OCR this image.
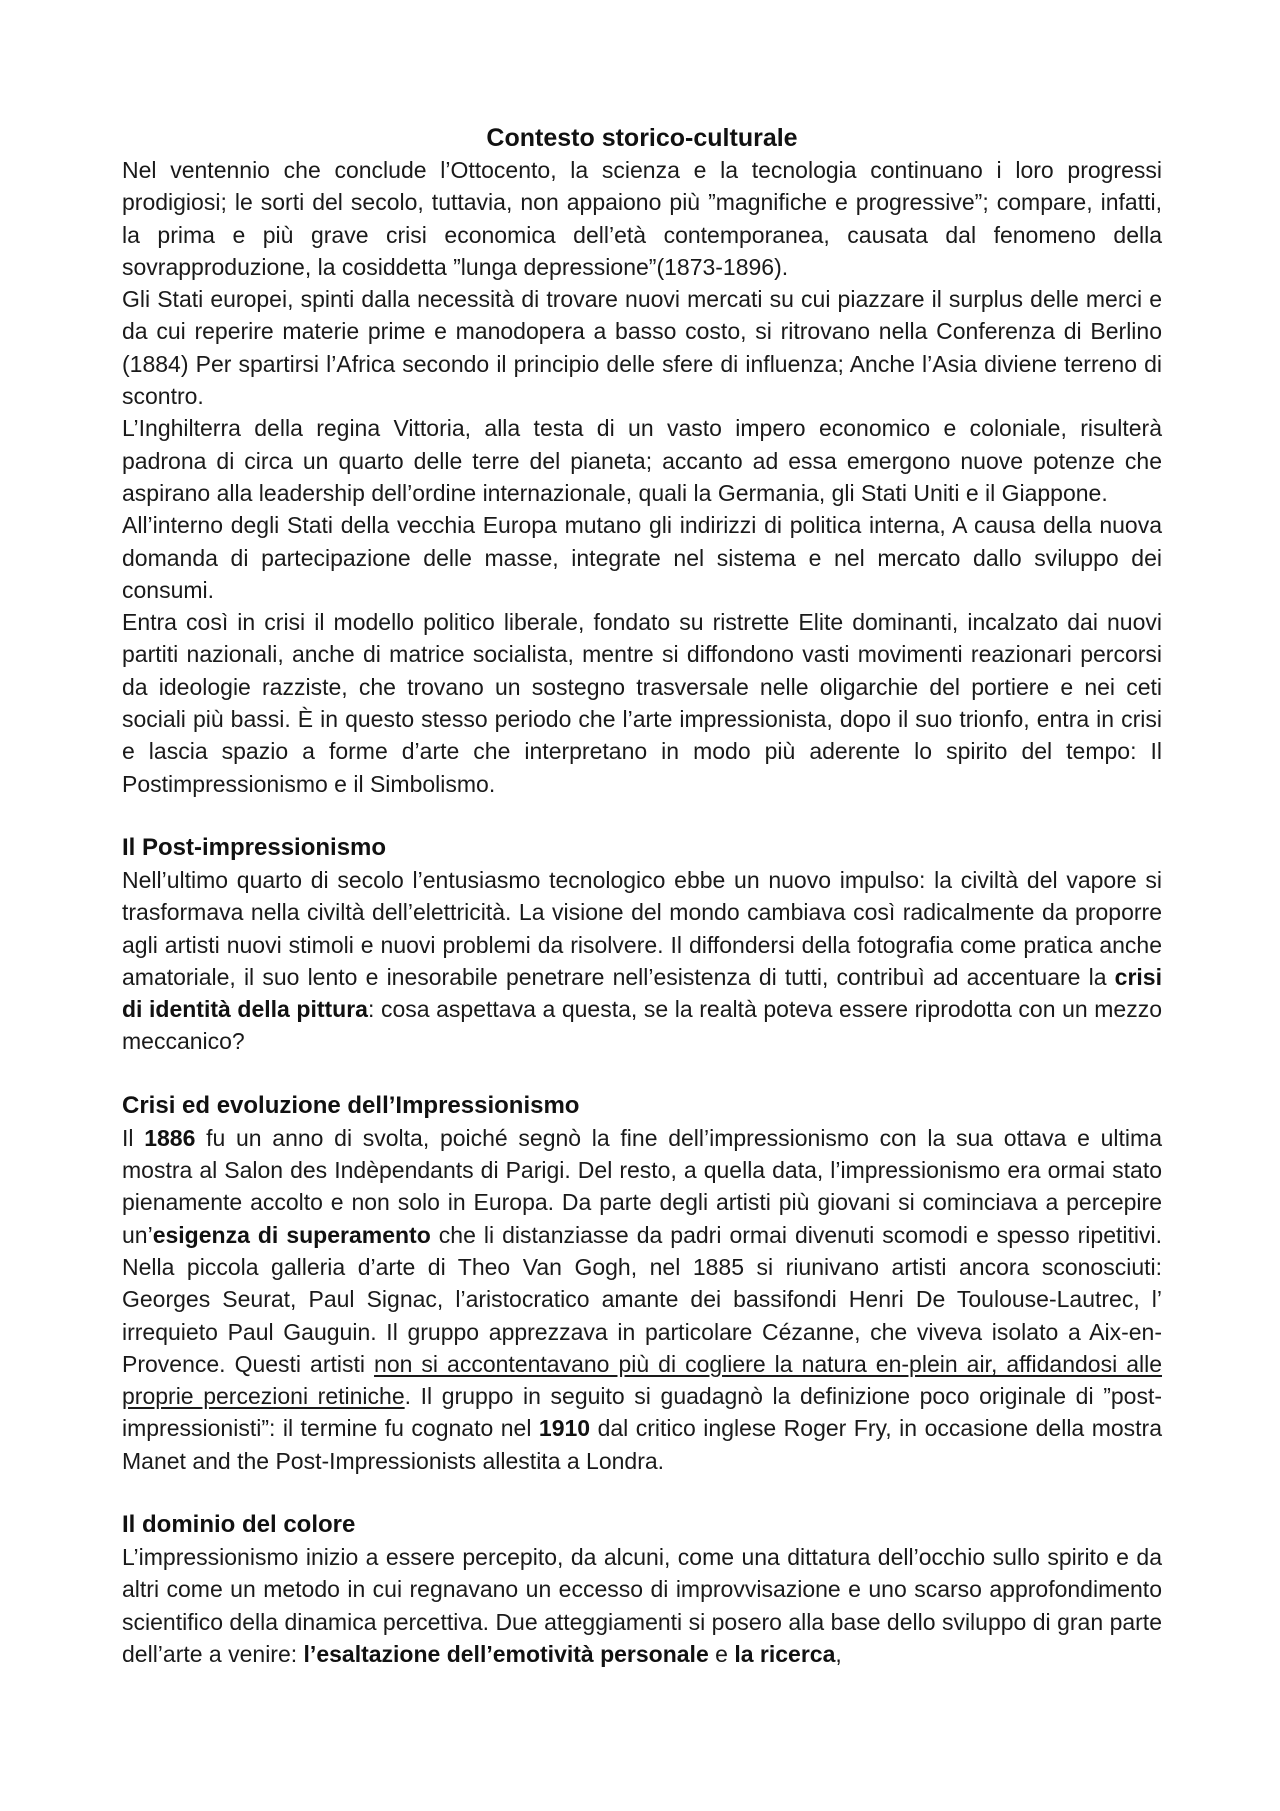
Contesto storico-culturale

Nel ventennio che conclude l’Ottocento, la scienza e la tecnologia continuano i loro progressi prodigiosi; le sorti del secolo, tuttavia, non appaiono più ”magnifiche e progressive”; compare, infatti, la prima e più grave crisi economica dell’età contemporanea, causata dal fenomeno della sovrapproduzione, la cosiddetta ”lunga depressione”(1873-1896).

Gli Stati europei, spinti dalla necessità di trovare nuovi mercati su cui piazzare il surplus delle merci e da cui reperire materie prime e manodopera a basso costo, si ritrovano nella Conferenza di Berlino (1884) Per spartirsi l’Africa secondo il principio delle sfere di influenza; Anche l’Asia diviene terreno di scontro.

L’Inghilterra della regina Vittoria, alla testa di un vasto impero economico e coloniale, risulterà padrona di circa un quarto delle terre del pianeta; accanto ad essa emergono nuove potenze che aspirano alla leadership dell’ordine internazionale, quali la Germania, gli Stati Uniti e il Giappone.

All’interno degli Stati della vecchia Europa mutano gli indirizzi di politica interna, A causa della nuova domanda di partecipazione delle masse, integrate nel sistema e nel mercato dallo sviluppo dei consumi.

Entra così in crisi il modello politico liberale, fondato su ristrette Elite dominanti, incalzato dai nuovi partiti nazionali, anche di matrice socialista, mentre si diffondono vasti movimenti reazionari percorsi da ideologie razziste, che trovano un sostegno trasversale nelle oligarchie del portiere e nei ceti sociali più bassi. È in questo stesso periodo che l’arte impressionista, dopo il suo trionfo, entra in crisi e lascia spazio a forme d’arte che interpretano in modo più aderente lo spirito del tempo: Il Postimpressionismo e il Simbolismo.

Il Post-impressionismo

Nell’ultimo quarto di secolo l’entusiasmo tecnologico ebbe un nuovo impulso: la civiltà del vapore si trasformava nella civiltà dell’elettricità. La visione del mondo cambiava così radicalmente da proporre agli artisti nuovi stimoli e nuovi problemi da risolvere. Il diffondersi della fotografia come pratica anche amatoriale, il suo lento e inesorabile penetrare nell’esistenza di tutti, contribuì ad accentuare la crisi di identità della pittura: cosa aspettava a questa, se la realtà poteva essere riprodotta con un mezzo meccanico?

Crisi ed evoluzione dell’Impressionismo

Il 1886 fu un anno di svolta, poiché segnò la fine dell’impressionismo con la sua ottava e ultima mostra al Salon des Indèpendants di Parigi. Del resto, a quella data, l’impressionismo era ormai stato pienamente accolto e non solo in Europa. Da parte degli artisti più giovani si cominciava a percepire un’esigenza di superamento che li distanziasse da padri ormai divenuti scomodi e spesso ripetitivi. Nella piccola galleria d’arte di Theo Van Gogh, nel 1885 si riunivano artisti ancora sconosciuti: Georges Seurat, Paul Signac, l’aristocratico amante dei bassifondi Henri De Toulouse-Lautrec, l’ irrequieto Paul Gauguin. Il gruppo apprezzava in particolare Cézanne, che viveva isolato a Aix-en-Provence. Questi artisti non si accontentavano più di cogliere la natura en-plein air, affidandosi alle proprie percezioni retiniche. Il gruppo in seguito si guadagnò la definizione poco originale di ”post-impressionisti”: il termine fu cognato nel 1910 dal critico inglese Roger Fry, in occasione della mostra Manet and the Post-Impressionists allestita a Londra.

Il dominio del colore

L’impressionismo inizio a essere percepito, da alcuni, come una dittatura dell’occhio sullo spirito e da altri come un metodo in cui regnavano un eccesso di improvvisazione e uno scarso approfondimento scientifico della dinamica percettiva. Due atteggiamenti si posero alla base dello sviluppo di gran parte dell’arte a venire: l’esaltazione dell’emotività personale e la ricerca,
